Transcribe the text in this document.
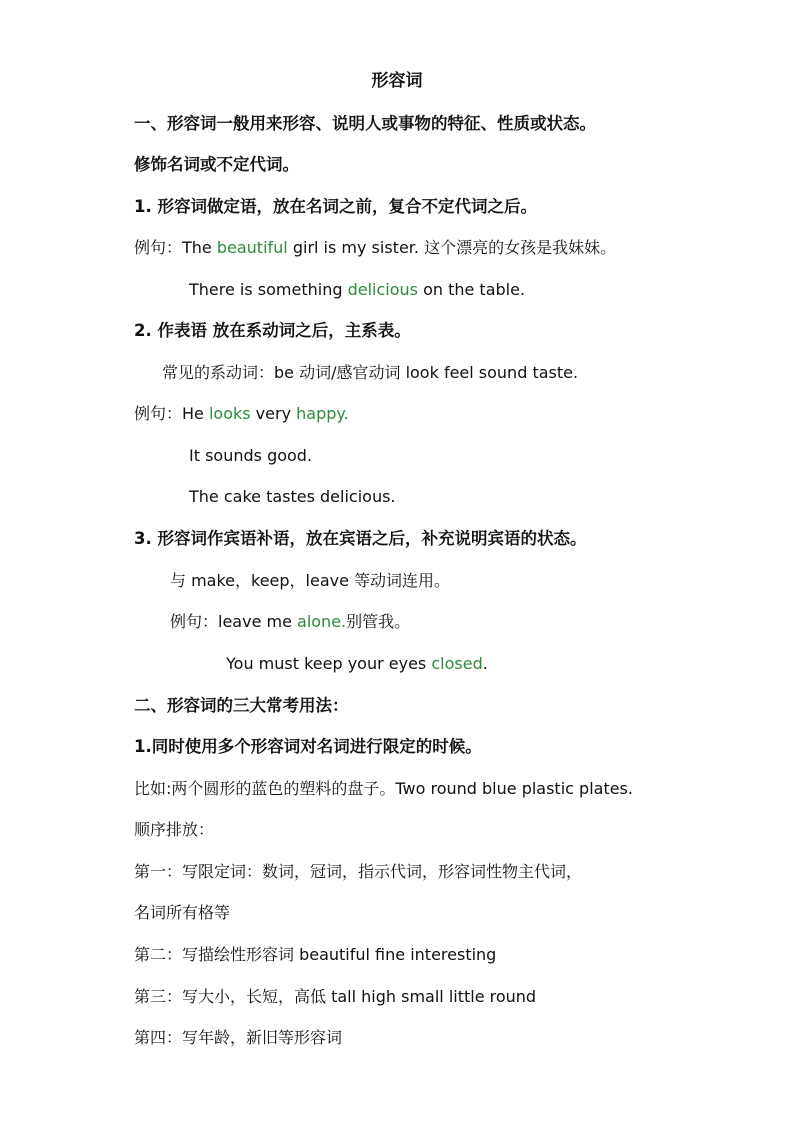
形容词
一、形容词一般用来形容、说明人或事物的特征、性质或状态。
修饰名词或不定代词。
1. 形容词做定语，放在名词之前，复合不定代词之后。
例句：The beautiful girl is my sister. 这个漂亮的女孩是我妹妹。
There is something delicious on the table.
2. 作表语 放在系动词之后，主系表。
常见的系动词：be 动词/感官动词 look feel sound taste.
例句：He looks very happy.
It sounds good.
The cake tastes delicious.
3. 形容词作宾语补语，放在宾语之后，补充说明宾语的状态。
与 make，keep，leave 等动词连用。
例句：leave me alone.别管我。
You must keep your eyes closed.
二、形容词的三大常考用法：
1.同时使用多个形容词对名词进行限定的时候。
比如:两个圆形的蓝色的塑料的盘子。Two round blue plastic plates.
顺序排放：
第一：写限定词：数词，冠词，指示代词，形容词性物主代词，
名词所有格等
第二：写描绘性形容词 beautiful fine interesting
第三：写大小，长短，高低 tall high small little round
第四：写年龄，新旧等形容词
